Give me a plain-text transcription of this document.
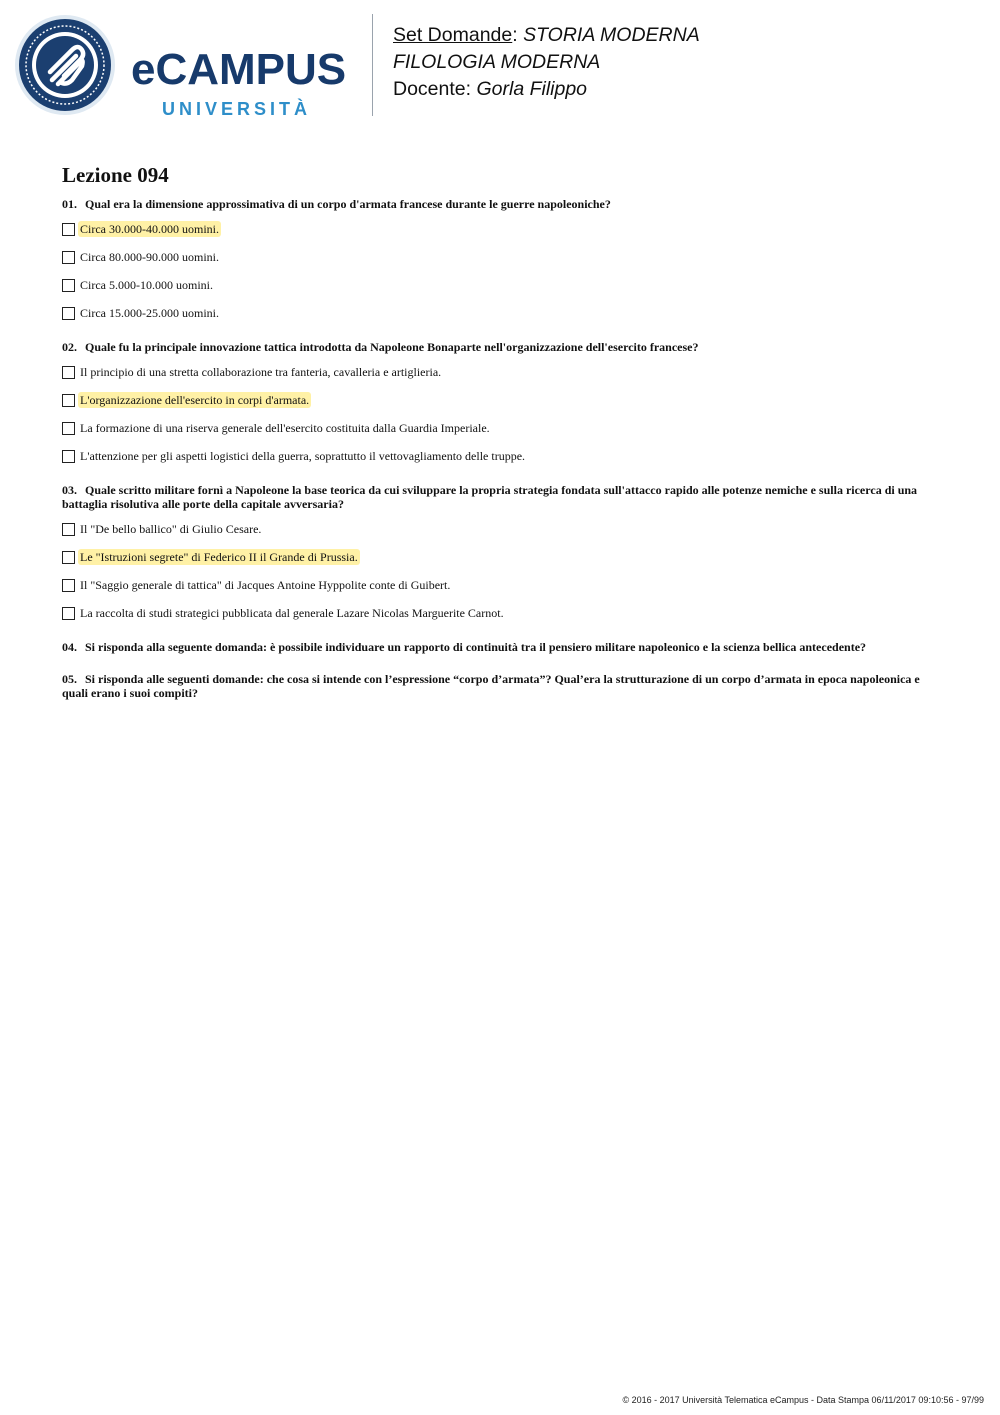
eCAMPUS
UNIVERSITÀ
Set Domande: STORIA MODERNA
FILOLOGIA MODERNA
Docente: Gorla Filippo
Lezione 094
01. Qual era la dimensione approssimativa di un corpo d'armata francese durante le guerre napoleoniche?
Circa 30.000-40.000 uomini.
Circa 80.000-90.000 uomini.
Circa 5.000-10.000 uomini.
Circa 15.000-25.000 uomini.
02. Quale fu la principale innovazione tattica introdotta da Napoleone Bonaparte nell'organizzazione dell'esercito francese?
Il principio di una stretta collaborazione tra fanteria, cavalleria e artiglieria.
L'organizzazione dell'esercito in corpi d'armata.
La formazione di una riserva generale dell'esercito costituita dalla Guardia Imperiale.
L'attenzione per gli aspetti logistici della guerra, soprattutto il vettovagliamento delle truppe.
03. Quale scritto militare fornì a Napoleone la base teorica da cui sviluppare la propria strategia fondata sull'attacco rapido alle potenze nemiche e sulla ricerca di una battaglia risolutiva alle porte della capitale avversaria?
Il "De bello ballico" di Giulio Cesare.
Le "Istruzioni segrete" di Federico II il Grande di Prussia.
Il "Saggio generale di tattica" di Jacques Antoine Hyppolite conte di Guibert.
La raccolta di studi strategici pubblicata dal generale Lazare Nicolas Marguerite Carnot.
04. Si risponda alla seguente domanda: è possibile individuare un rapporto di continuità tra il pensiero militare napoleonico e la scienza bellica antecedente?
05. Si risponda alle seguenti domande: che cosa si intende con l’espressione “corpo d’armata”? Qual’era la strutturazione di un corpo d’armata in epoca napoleonica e quali erano i suoi compiti?
© 2016 - 2017 Università Telematica eCampus - Data Stampa 06/11/2017 09:10:56 - 97/99
